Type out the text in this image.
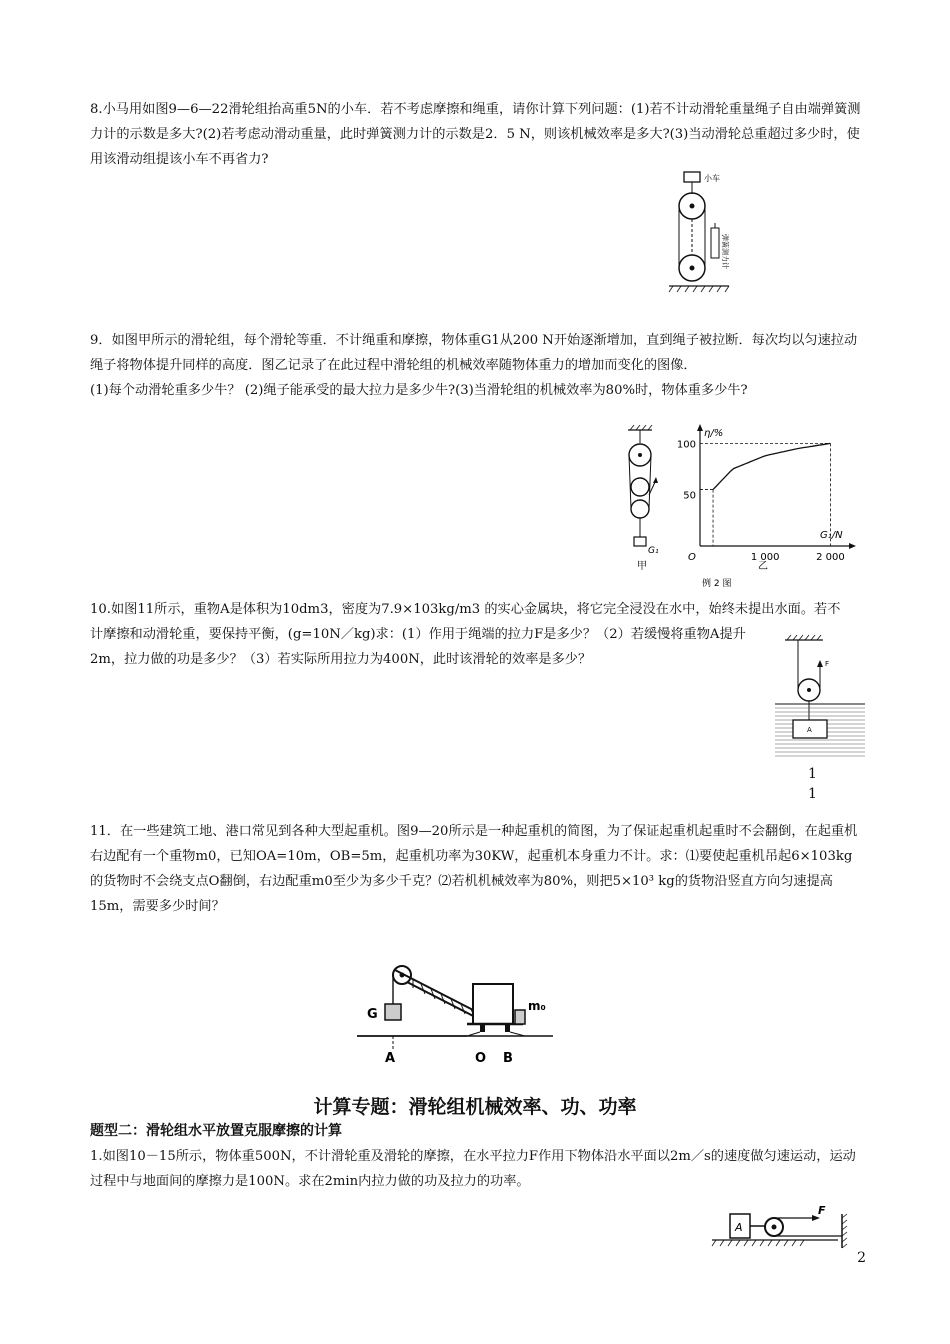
8.小马用如图9—6—22滑轮组抬高重5N的小车．若不考虑摩擦和绳重，请你计算下列问题：(1)若不计动滑轮重量绳子自由端弹簧测力计的示数是多大?(2)若考虑动滑动重量，此时弹簧测力计的示数是2．5 N，则该机械效率是多大?(3)当动滑轮总重超过多少时，使用该滑动组提该小车不再省力?

小车
弹簧测力计

9．如图甲所示的滑轮组，每个滑轮等重．不计绳重和摩擦，物体重G1从200 N开始逐渐增加，直到绳子被拉断．每次均以匀速拉动绳子将物体提升同样的高度．图乙记录了在此过程中滑轮组的机械效率随物体重力的增加而变化的图像．

(1)每个动滑轮重多少牛？ (2)绳子能承受的最大拉力是多少牛?(3)当滑轮组的机械效率为80%时，物体重多少牛?

G₁
甲
η/%
G₁/N
50
100
O	1 000	2 000
乙
例 2 图

10.如图11所示，重物A是体积为10dm3，密度为7.9×103kg/m3 的实心金属块，将它完全浸没在水中，始终未提出水面。若不

计摩擦和动滑轮重，要保持平衡，(g=10N／kg)求：(1）作用于绳端的拉力F是多少？（2）若缓慢将重物A提升2m，拉力做的功是多少？（3）若实际所用拉力为400N，此时该滑轮的效率是多少？	F
A
1
1

11．在一些建筑工地、港口常见到各种大型起重机。图9—20所示是一种起重机的简图，为了保证起重机起重时不会翻倒，在起重机右边配有一个重物m0，已知OA=10m，OB=5m，起重机功率为30KW，起重机本身重力不计。求：⑴要使起重机吊起6×103kg的货物时不会绕支点O翻倒，右边配重m0至少为多少千克？⑵若机机械效率为80%，则把5×10³ kg的货物沿竖直方向匀速提高15m，需要多少时间？

G
m₀
A	O B
计算专题：滑轮组机械效率、功、功率
题型二：滑轮组水平放置克服摩擦的计算

1.如图10－15所示，物体重500N，不计滑轮重及滑轮的摩擦，在水平拉力F作用下物体沿水平面以2m／s的速度做匀速运动，运动过程中与地面间的摩擦力是100N。求在2min内拉力做的功及拉力的功率。

A
F
2
